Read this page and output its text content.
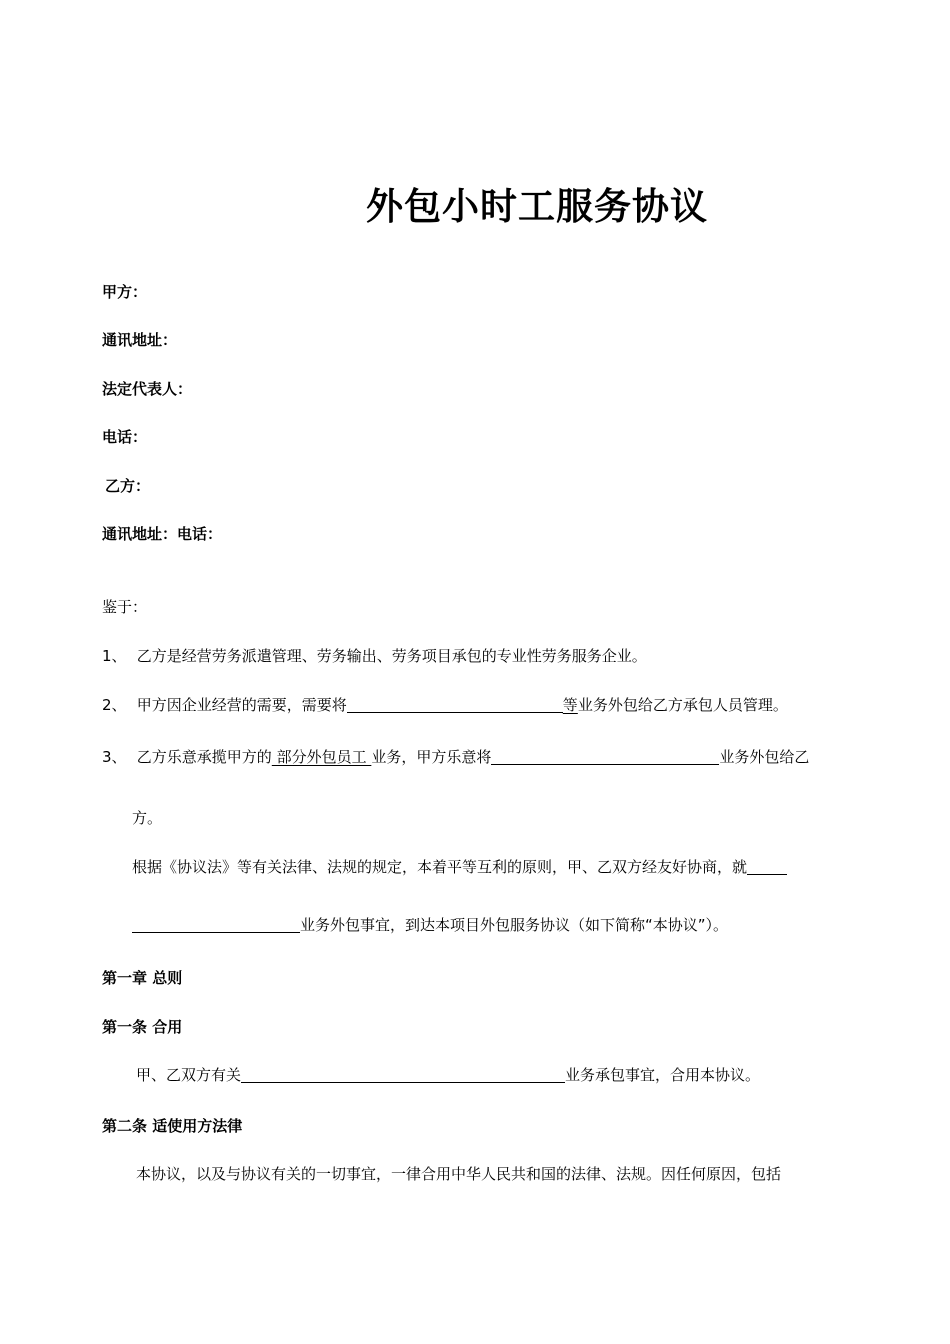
外包小时工服务协议
甲方：
通讯地址：
法定代表人：
电话：
乙方：
通讯地址：电话：
鉴于：
1、 乙方是经营劳务派遣管理、劳务输出、劳务项目承包的专业性劳务服务企业。
2、 甲方因企业经营的需要，需要将	等业务外包给乙方承包人员管理。
3、 乙方乐意承揽甲方的 部分外包员工 业务，甲方乐意将	业务外包给乙
方。
根据《协议法》等有关法律、法规的规定，本着平等互利的原则，甲、乙双方经友好协商，就
业务外包事宜，到达本项目外包服务协议（如下简称“本协议”）。
第一章 总则
第一条 合用
甲、乙双方有关	业务承包事宜，合用本协议。
第二条 适使用方法律
本协议，以及与协议有关的一切事宜，一律合用中华人民共和国的法律、法规。因任何原因，包括
